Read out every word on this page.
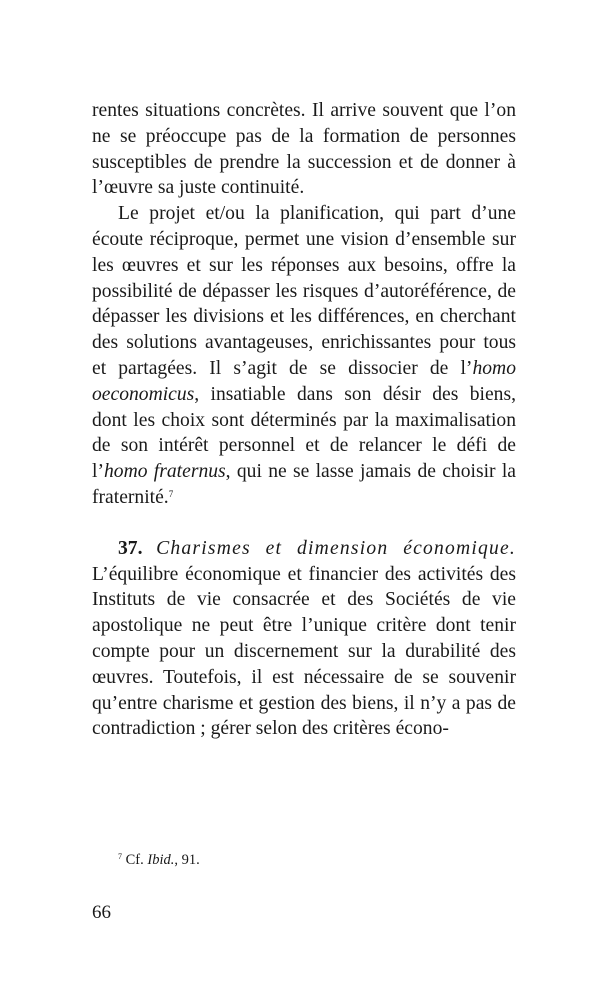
rentes situations concrètes. Il arrive souvent que l’on ne se préoccupe pas de la formation de personnes susceptibles de prendre la succession et de donner à l’œuvre sa juste continuité.

Le projet et/ou la planification, qui part d’une écoute réciproque, permet une vision d’ensemble sur les œuvres et sur les réponses aux besoins, offre la possibilité de dépasser les risques d’autoréférence, de dépasser les divisions et les différences, en cherchant des solutions avantageuses, enrichissantes pour tous et partagées. Il s’agit de se dissocier de l’homo oeconomicus, insatiable dans son désir des biens, dont les choix sont déterminés par la maximalisation de son intérêt personnel et de relancer le défi de l’homo fraternus, qui ne se lasse jamais de choisir la fraternité.$^7$

37. Charismes et dimension économique. L’équilibre économique et financier des activités des Instituts de vie consacrée et des Sociétés de vie apostolique ne peut être l’unique critère dont tenir compte pour un discernement sur la durabilité des œuvres. Toutefois, il est nécessaire de se souvenir qu’entre charisme et gestion des biens, il n’y a pas de contradiction ; gérer selon des critères écono-

$^7$ Cf. Ibid., 91.
66
